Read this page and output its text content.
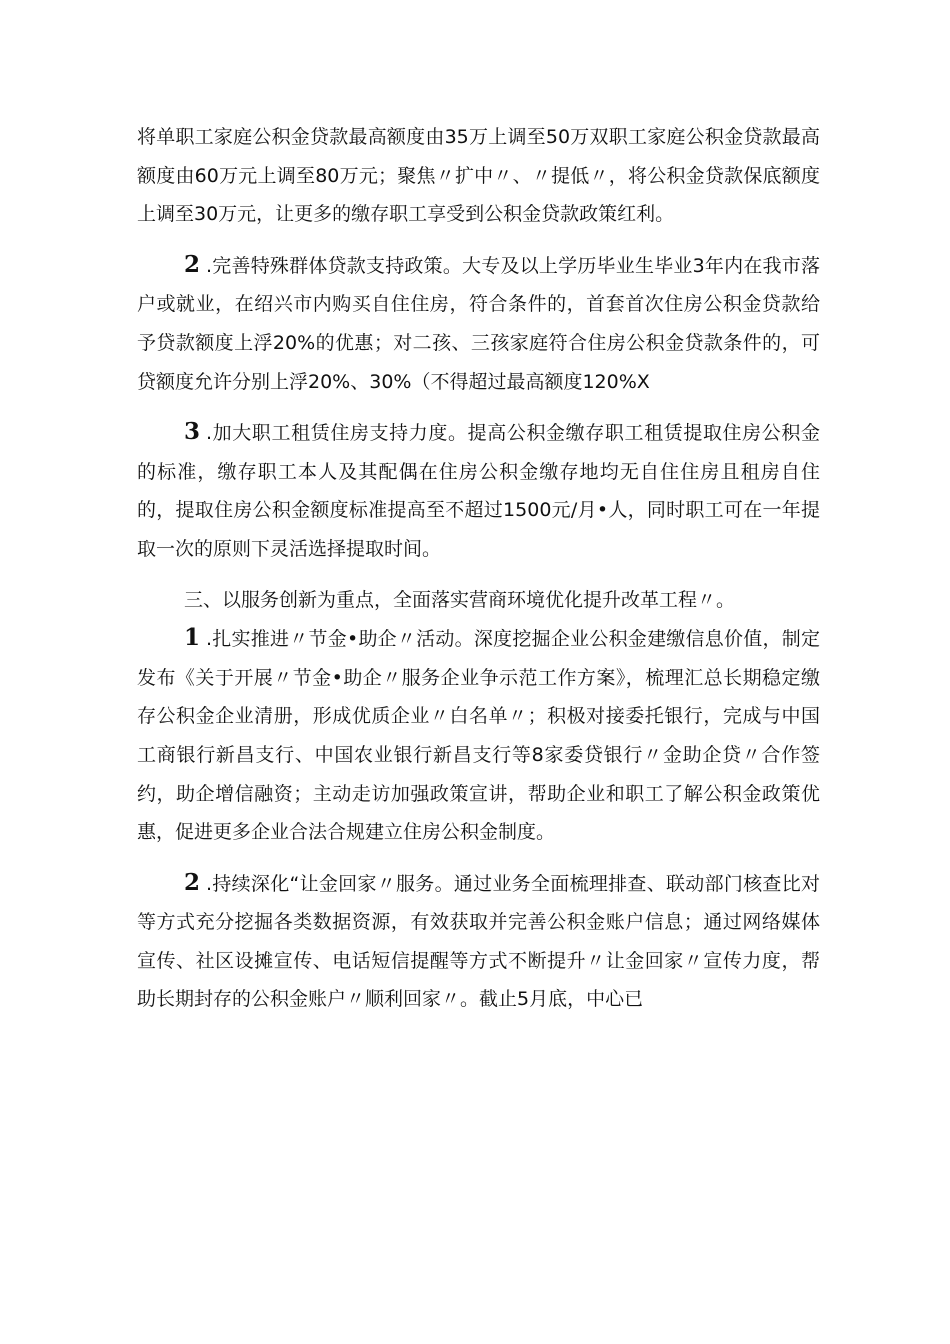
将单职工家庭公积金贷款最高额度由35万上调至50万双职工家庭公积金贷款最高额度由60万元上调至80万元；聚焦〃扩中〃、〃提低〃，将公积金贷款保底额度上调至30万元，让更多的缴存职工享受到公积金贷款政策红利。

2 .完善特殊群体贷款支持政策。大专及以上学历毕业生毕业3年内在我市落户或就业，在绍兴市内购买自住住房，符合条件的，首套首次住房公积金贷款给予贷款额度上浮20%的优惠；对二孩、三孩家庭符合住房公积金贷款条件的，可贷额度允许分别上浮20%、30%（不得超过最高额度120%X

3 .加大职工租赁住房支持力度。提高公积金缴存职工租赁提取住房公积金的标准，缴存职工本人及其配偶在住房公积金缴存地均无自住住房且租房自住的，提取住房公积金额度标准提高至不超过1500元/月•人，同时职工可在一年提取一次的原则下灵活选择提取时间。

三、以服务创新为重点，全面落实营商环境优化提升改革工程〃。

1 .扎实推进〃节金•助企〃活动。深度挖掘企业公积金建缴信息价值，制定发布《关于开展〃节金•助企〃服务企业争示范工作方案》，梳理汇总长期稳定缴存公积金企业清册，形成优质企业〃白名单〃；积极对接委托银行，完成与中国工商银行新昌支行、中国农业银行新昌支行等8家委贷银行〃金助企贷〃合作签约，助企增信融资；主动走访加强政策宣讲，帮助企业和职工了解公积金政策优惠，促进更多企业合法合规建立住房公积金制度。

2 .持续深化“让金回家〃服务。通过业务全面梳理排查、联动部门核查比对等方式充分挖掘各类数据资源，有效获取并完善公积金账户信息；通过网络媒体宣传、社区设摊宣传、电话短信提醒等方式不断提升〃让金回家〃宣传力度，帮助长期封存的公积金账户〃顺利回家〃。截止5月底，中心已
